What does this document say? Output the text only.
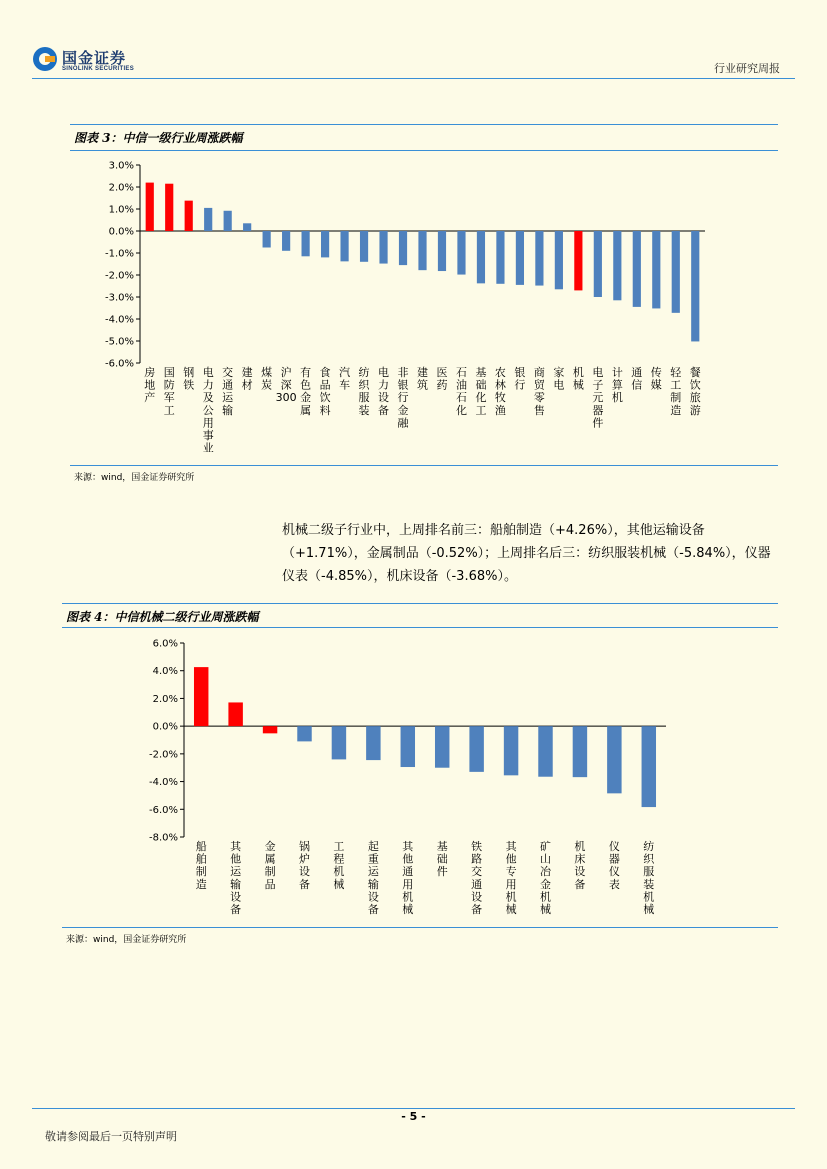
国金证券
SINOLINK SECURITIES	行业研究周报
图表 3：中信一级行业周涨跌幅
3.0%
2.0%
1.0%
0.0%
-1.0%
-2.0%
-3.0%
-4.0%
-5.0%
-6.0%
房地产
国防军工
钢铁
电力及公用事业
交通运输
建材
煤炭
沪深 300
有色金属
食品饮料
汽车
纺织服装
电力设备
非银行金融
建筑
医药
石油石化
基础化工
农林牧渔
银行
商贸零售
家电
机械
电子元器件
计算机
通信
传媒
轻工制造
餐饮旅游
来源：wind，国金证券研究所
机械二级子行业中，上周排名前三：船舶制造（+4.26%），其他运输设备（+1.71%），金属制品（-0.52%）；上周排名后三：纺织服装机械（-5.84%），仪器仪表（-4.85%），机床设备（-3.68%）。
图表 4：中信机械二级行业周涨跌幅
6.0%
4.0%
2.0%
0.0%
-2.0%
-4.0%
-6.0%
-8.0%
船舶制造
其他运输设备
金属制品
锅炉设备
工程机械
起重运输设备
其他通用机械
基础件
铁路交通设备
其他专用机械
矿山冶金机械
机床设备
仪器仪表
纺织服装机械
来源：wind，国金证券研究所
- 5 -
敬请参阅最后一页特别声明
